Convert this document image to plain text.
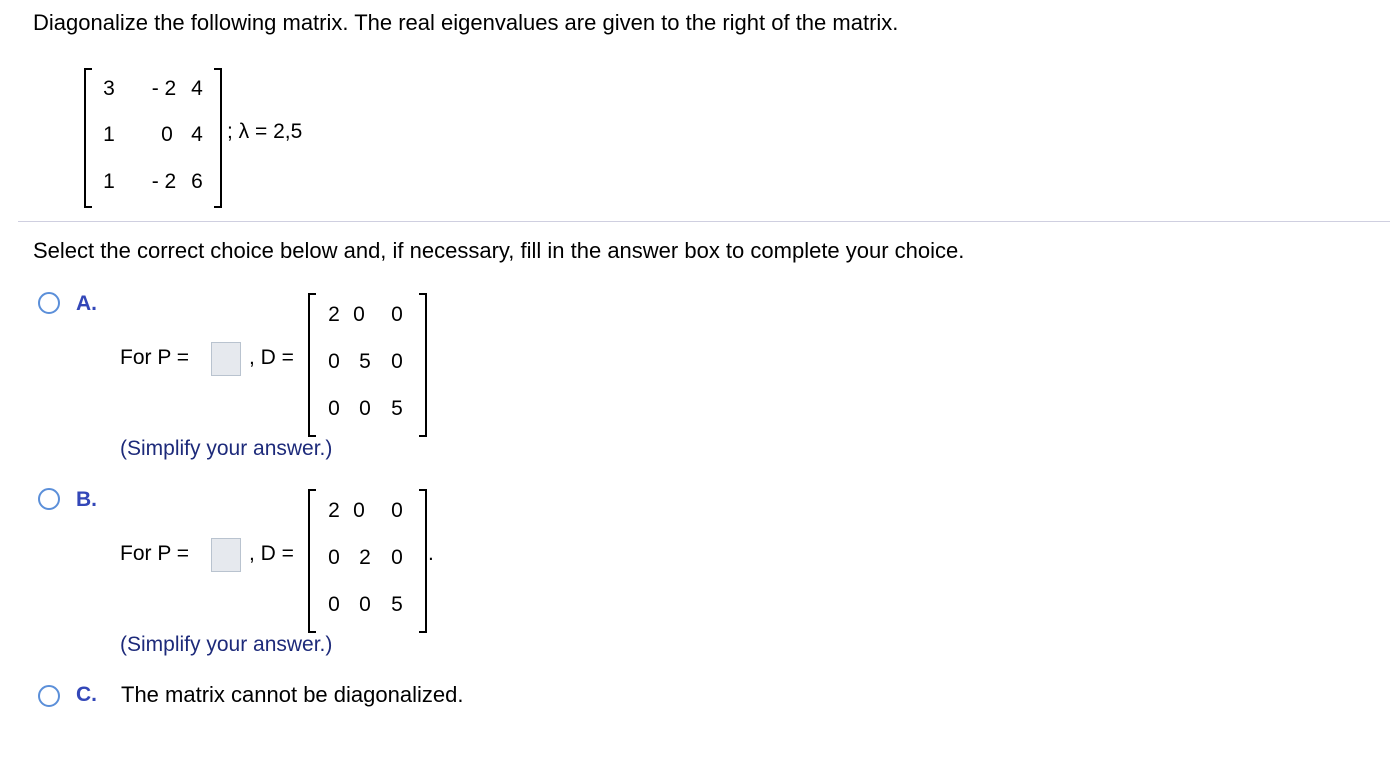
Diagonalize the following matrix. The real eigenvalues are given to the right of the matrix.
3	- 2 4
1	0 4
1	- 2 6
; λ = 2,5
Select the correct choice below and, if necessary, fill in the answer box to complete your choice.
A.
For P =	, D =
2 0	0
0 5 0
0 0 5
(Simplify your answer.)
B.
For P =	, D =
2 0	0
0 2 0
0 0 5
.
(Simplify your answer.)
C. The matrix cannot be diagonalized.
